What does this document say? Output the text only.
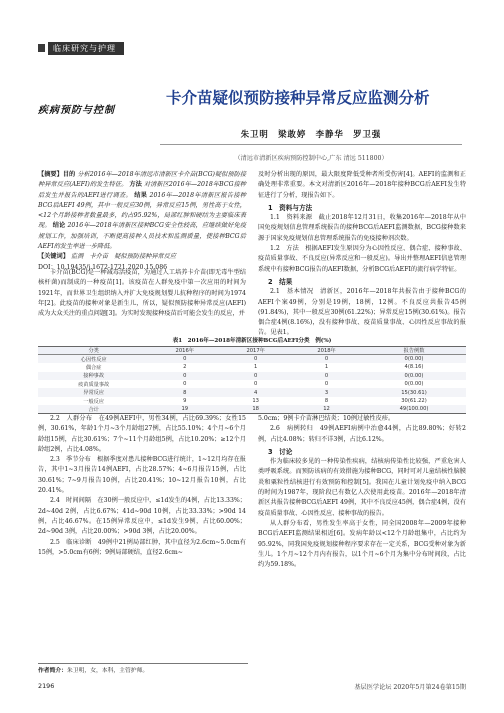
临床研究与护理
疾病预防与控制
卡介苗疑似预防接种异常反应监测分析
朱卫明　梁敢婷　李静华　罗卫强
（清远市清新区疾病预防控制中心,广东 清远 511800）

【摘要】目的 分析2016年—2018年清远市清新区卡介苗(BCG)疑似预防接种异常反应(AEFI)的发生特征。 方法 对清新区2016年—2018年BCG接种后发生并报告的AEFI进行调查。 结果 2016年—2018年清新区报告接种BCG后AEFI 49例，其中一般反应30例，异常反应15例，男性高于女性，<12个月龄接种者数量最多，约占95.92%，局部红肿和硬结为主要临床表现。 结论 2016年—2018年清新区接种BCG安全性较高，应继续做好免疫规划工作，加强培训，不断提高接种人员技术和监测质量，使接种BCG后AEFI的发生率进一步降低。

【关键词】 监测　卡介苗　疑似预防接种异常反应

DOI：10.19435/j.1672-1721.2020.15.086

卡介苗(BCG)是一种减毒活疫苗，为通过人工培养卡介苗(即无毒牛型结核杆菌)而制成的一种疫苗[1]。该疫苗在人群免疫中第一次应用的时间为1921年，而世界卫生组织纳入并扩大免疫规划婴儿抗种程序的时间为1974年[2]。此疫苗的接种对象是新生儿，所以，疑似预防接种异常反应(AEFI)成为大众关注的重点问题[3]。为实时发现接种疫苗后可能会发生的反应，并

及时分析出现的原因，最大限度降低受种者所受伤害[4]。AEFI的监测和正确处理非常重要。本文对清新区2016年—2018年接种BCG后AEFI发生特征进行了分析，现报告如下。

1　资料与方法

1.1　资料来源　截止2018年12月31日，收集2016年—2018年从中国免疫规划信息管理系统报告的接种BCG后AEFI监测数据，BCG接种数来源于国家免疫规划信息管理系统报告的免疫接种剂次数。

1.2　方法　根据AEFI发生原因分为心因性反应、偶合症、接种事故、疫苗质量事故、不良反应(异常反应和一般反应)。导出并整理AEFI信息管理系统中有接种BCG报告的AEFI数据，分析BCG后AEFI的流行病学特征。

2　结果

2.1　基本情况　清新区，2016年—2018年共报告由于接种BCG的AEFI个案49例，分别是19例，18例，12例。不良反应共报告45例(91.84%)，其中一般反应30例(61.22%)；异常反应15例(30.61%)。报告偶合症4例(8.16%)，没有接种事故、疫苗质量事故、心因性反应事故的报告。见表1。

表1　2016年—2018年清新区接种BCG后AEFI分类　例(%)
分类	2016年	2017年	2018年	报告例数
心因性反应	0	0	0	0(0.00)
偶合症	2	1	1	4(8.16)
接种事故	0	0	0	0(0.00)
疫苗质量事故	0	0	0	0(0.00)
异常反应	8	4	3	15(30.61)
一般反应	9	13	8	30(61.22)
合计	19	18	12	49(100.00)

2.2　人群分布　在49例AEFI中，男性34例，占比69.39%；女性15例，30.61%，年龄1个月~3个月龄组27例，占比55.10%；4个月~6个月龄组15例，占比30.61%；7个~11个月龄组5例，占比10.20%；≥12个月龄组2例，占比4.08%。

2.3　季节分布　根据季度对患儿接种BCG进行统计，1~12月均存在报告，其中1~3月报告14例AEFI，占比28.57%；4~6月报告15例，占比30.61%；7~9月报告10例，占比20.41%；10~12月报告10例，占比20.41%。

2.4　时间间隔　在30例一般反应中，≤1d发生的4例，占比13.33%；2d~40d 2例，占比6.67%；41d~90d 10例，占比33.33%；>90d 14例，占比46.67%。在15例异常反应中，≤1d发生9例，占比60.00%；2d~90d 3例，占比20.00%；>90d 3例，占比20.00%。

2.5　临床诊断　49例中21例局部红肿，其中直径为2.6cm~5.0cm有15例，>5.0cm有6例；9例局部硬结，直径2.6cm~

5.0cm；9例卡介苗淋巴结炎；10例过敏性皮疹。

2.6　病例转归　49例AEFI病例中治愈44例，占比89.80%；好转2例，占比4.08%；转归不详3例，占比6.12%。

3　讨论

作为临床较多见的一种传染性疾病，结核病传染性比较强，严重危害人类呼吸系统。而预防该病的有效措施为接种BCG，同时可对儿童结核性脑膜炎和粟粒性结核进行有效预防和控制[5]。我国在儿童计划免疫中纳入BCG的时间为1987年，现阶段已有数亿人次使用此疫苗。2016年—2018年清新区共报告接种BCG后AEFI 49例，其中不良反应45例，偶合症4例，没有疫苗质量事故、心因性反应、接种事故的报告。

从人群分布看，男性发生率高于女性，同全国2008年—2009年接种BCG后AEFI监测结果相近[6]。发病年龄以<12个月龄组集中，占比约为95.92%，同我国免疫规划接种程序要求存在一定关系，BCG受种对象为新生儿。1个月~12个月内有报告，以1个月~6个月为集中分布时间段，占比约为59.18%。

作者简介：朱卫明，女，本科，主管护师。
2196	基层医学论坛 2020年5月第24卷第15期
